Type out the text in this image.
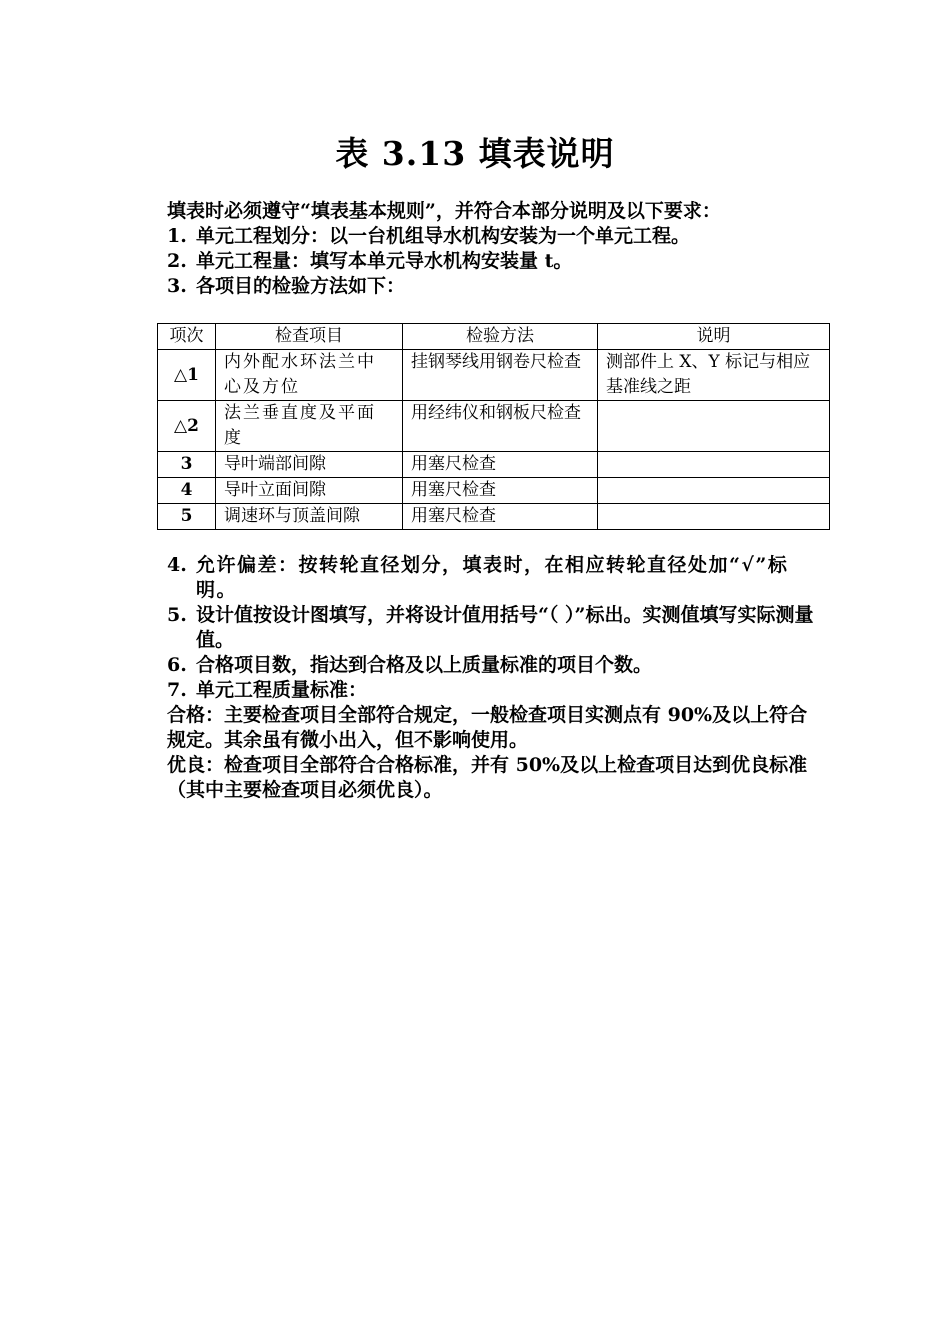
表 3.13 填表说明
填表时必须遵守“填表基本规则”，并符合本部分说明及以下要求：
1. 单元工程划分：以一台机组导水机构安装为一个单元工程。
2. 单元工程量：填写本单元导水机构安装量 t。
3. 各项目的检验方法如下：
项次	检查项目	检验方法	说明
△1	内外配水环法兰中心及方位	挂钢琴线用钢卷尺检查	测部件上 X、Y 标记与相应基准线之距
△2	法兰垂直度及平面度	用经纬仪和钢板尺检查	
3	导叶端部间隙	用塞尺检查	
4	导叶立面间隙	用塞尺检查	
5	调速环与顶盖间隙	用塞尺检查	
4. 允许偏差：按转轮直径划分，填表时，在相应转轮直径处加“√”标明。
5. 设计值按设计图填写，并将设计值用括号“（ ）”标出。实测值填写实际测量值。
6. 合格项目数，指达到合格及以上质量标准的项目个数。
7. 单元工程质量标准：
合格：主要检查项目全部符合规定，一般检查项目实测点有 90%及以上符合规定。其余虽有微小出入，但不影响使用。
优良：检查项目全部符合合格标准，并有 50%及以上检查项目达到优良标准（其中主要检查项目必须优良）。
